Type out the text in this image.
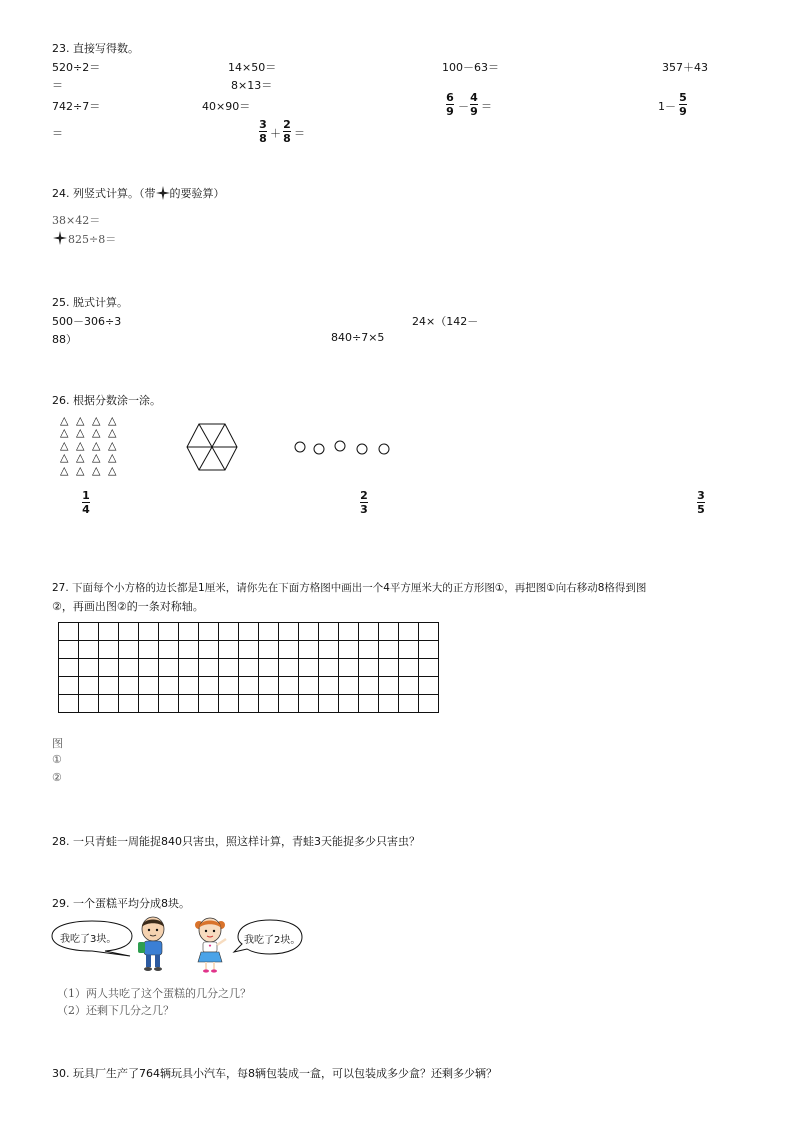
23. 直接写得数。
520÷2＝	14×50＝	100－63＝	357＋43
＝	8×13＝
742÷7＝	40×90＝
6
9 －
4
9 ＝	1－
5
9
＝
3
8 ＋
2
8 ＝
24. 列竖式计算。（带 的要验算）
38×42＝
825÷8＝
25. 脱式计算。
500－306÷3	24×（142－
88）	840÷7×5
26. 根据分数涂一涂。
△ △ △ △
△ △ △ △
△ △ △ △
△ △ △ △
△ △ △ △
1
4
2
3
3
5
27. 下面每个小方格的边长都是1厘米，请你先在下面方格图中画出一个4平方厘米大的正方形图①，再把图①向右移动8格得到图
②，再画出图②的一条对称轴。

图
①
②
28. 一只青蛙一周能捉840只害虫，照这样计算，青蛙3天能捉多少只害虫？
29. 一个蛋糕平均分成8块。
我吃了3块。	我吃了2块。
（1）两人共吃了这个蛋糕的几分之几？
（2）还剩下几分之几？
30. 玩具厂生产了764辆玩具小汽车，每8辆包装成一盒，可以包装成多少盒？还剩多少辆？
